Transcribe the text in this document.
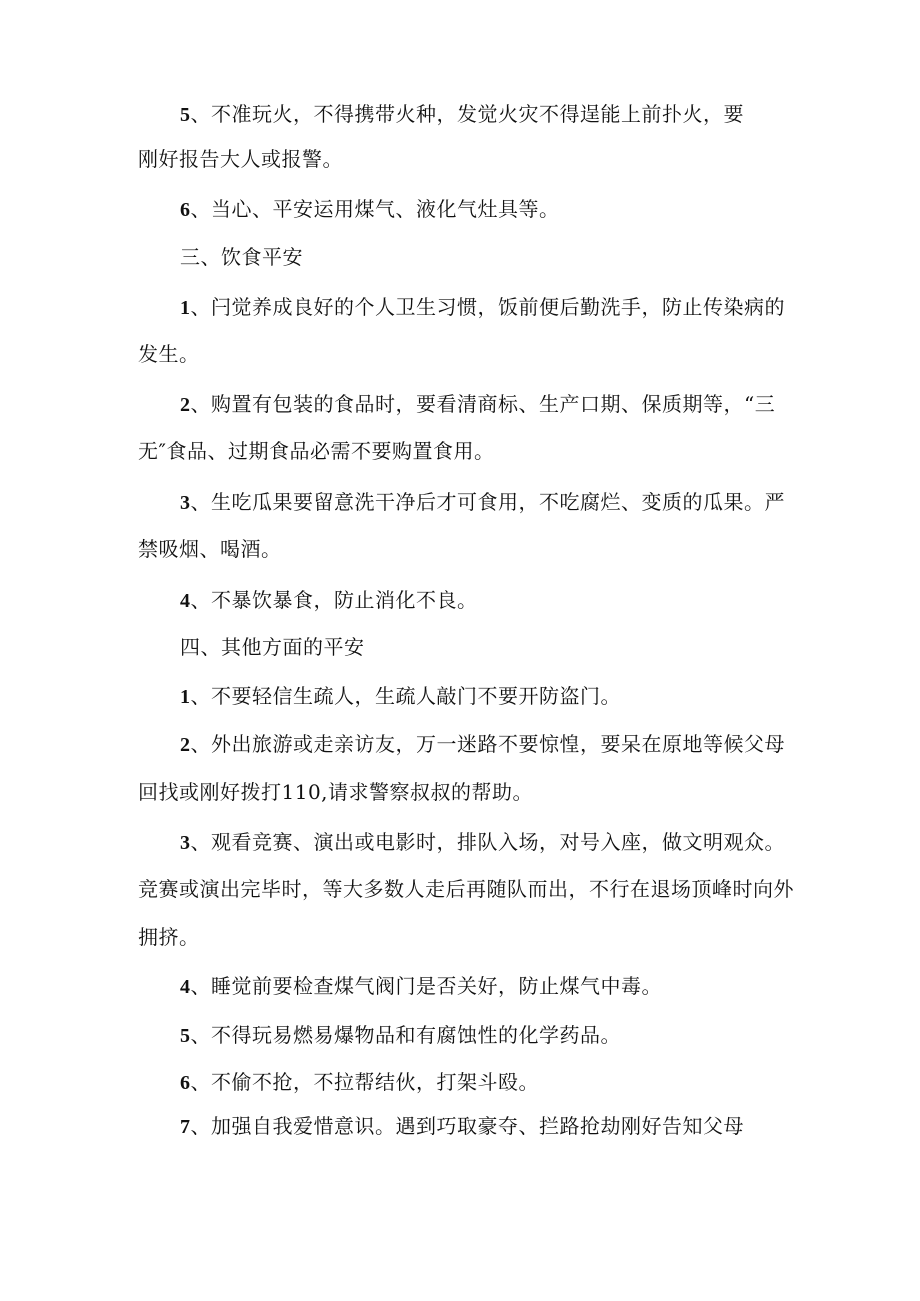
5、不准玩火，不得携带火种，发觉火灾不得逞能上前扑火，要
刚好报告大人或报警。
6、当心、平安运用煤气、液化气灶具等。
三、饮食平安
1、闩觉养成良好的个人卫生习惯，饭前便后勤洗手，防止传染病的
发生。
2、购置有包装的食品时，要看清商标、生产口期、保质期等，“三
无″食品、过期食品必需不要购置食用。
3、生吃瓜果要留意洗干净后才可食用，不吃腐烂、变质的瓜果。严
禁吸烟、喝酒。
4、不暴饮暴食，防止消化不良。
四、其他方面的平安
1、不要轻信生疏人，生疏人敲门不要开防盗门。
2、外出旅游或走亲访友，万一迷路不要惊惶，要呆在原地等候父母
回找或刚好拨打110,请求警察叔叔的帮助。
3、观看竞赛、演出或电影时，排队入场，对号入座，做文明观众。
竞赛或演出完毕时，等大多数人走后再随队而出，不行在退场顶峰时向外
拥挤。
4、睡觉前要检查煤气阀门是否关好，防止煤气中毒。
5、不得玩易燃易爆物品和有腐蚀性的化学药品。
6、不偷不抢，不拉帮结伙，打架斗殴。
7、加强自我爱惜意识。遇到巧取豪夺、拦路抢劫刚好告知父母
